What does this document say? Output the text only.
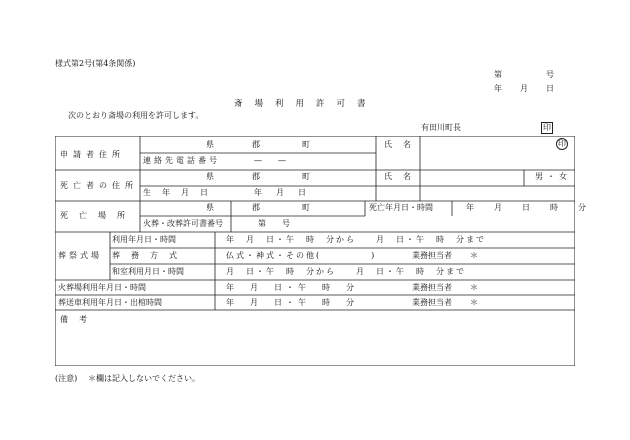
様式第2号(第4条関係)
第	号
年 月 日
斎場利用許可書
次のとおり斎場の利用を許可します。
有田川町長	印
申請者住所
県	郡	町	氏名	印
連絡先電話番号	—　　—
死亡者の住所
県	郡	町	氏名	男・女
生年月日	年　月　日
死亡場所
県	郡	町	死亡年月日・時間	年　月　日　時　分
火葬・改葬許可書番号	第　　号
葬祭式場
利用年月日・時間	年　月　日・午　時　分から　　月　日・午　時　分まで
葬務方式	仏式・神式・その他(　　　　　)	業務担当者 ＊
和室利用月日・時間	月　日・午　時　分から　　月　日・午　時　分まで
火葬場利用年月日・時間	年　月　日・午　時　分	業務担当者 ＊
葬送車利用年月日・出棺時間	年　月　日・午　時　分	業務担当者 ＊
備考
(注意) ＊欄は記入しないでください。
